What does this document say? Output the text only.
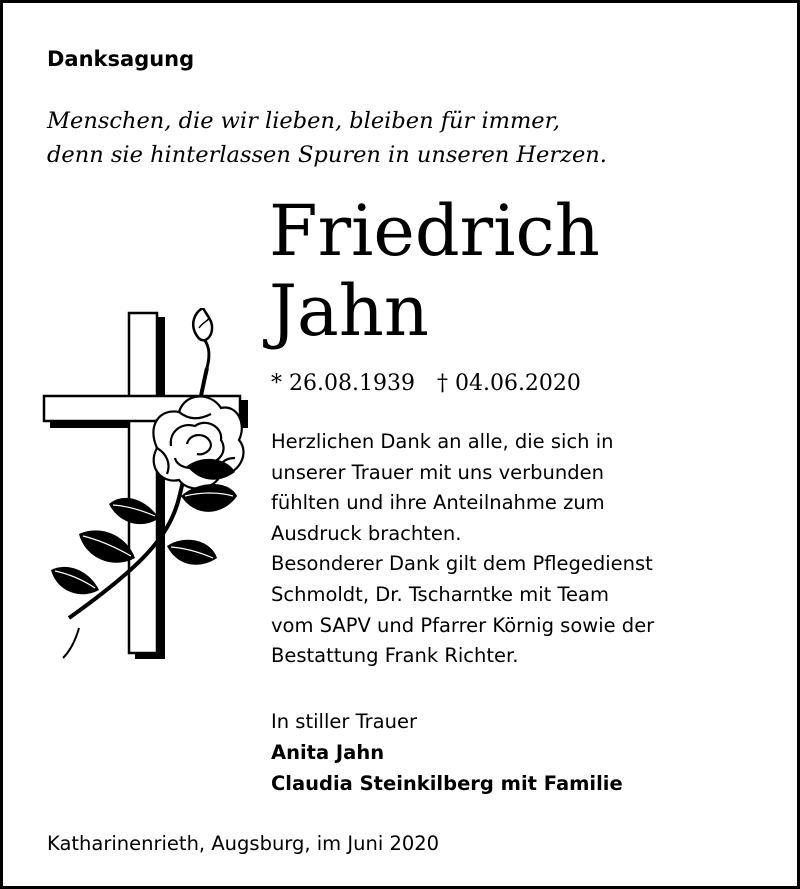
Danksagung
Menschen, die wir lieben, bleiben für immer,
denn sie hinterlassen Spuren in unseren Herzen.
Friedrich
Jahn
* 26.08.1939 † 04.06.2020
Herzlichen Dank an alle, die sich in
unserer Trauer mit uns verbunden
fühlten und ihre Anteilnahme zum
Ausdruck brachten.
Besonderer Dank gilt dem Pflegedienst
Schmoldt, Dr. Tscharntke mit Team
vom SAPV und Pfarrer Körnig sowie der
Bestattung Frank Richter.
In stiller Trauer
Anita Jahn
Claudia Steinkilberg mit Familie
Katharinenrieth, Augsburg, im Juni 2020
